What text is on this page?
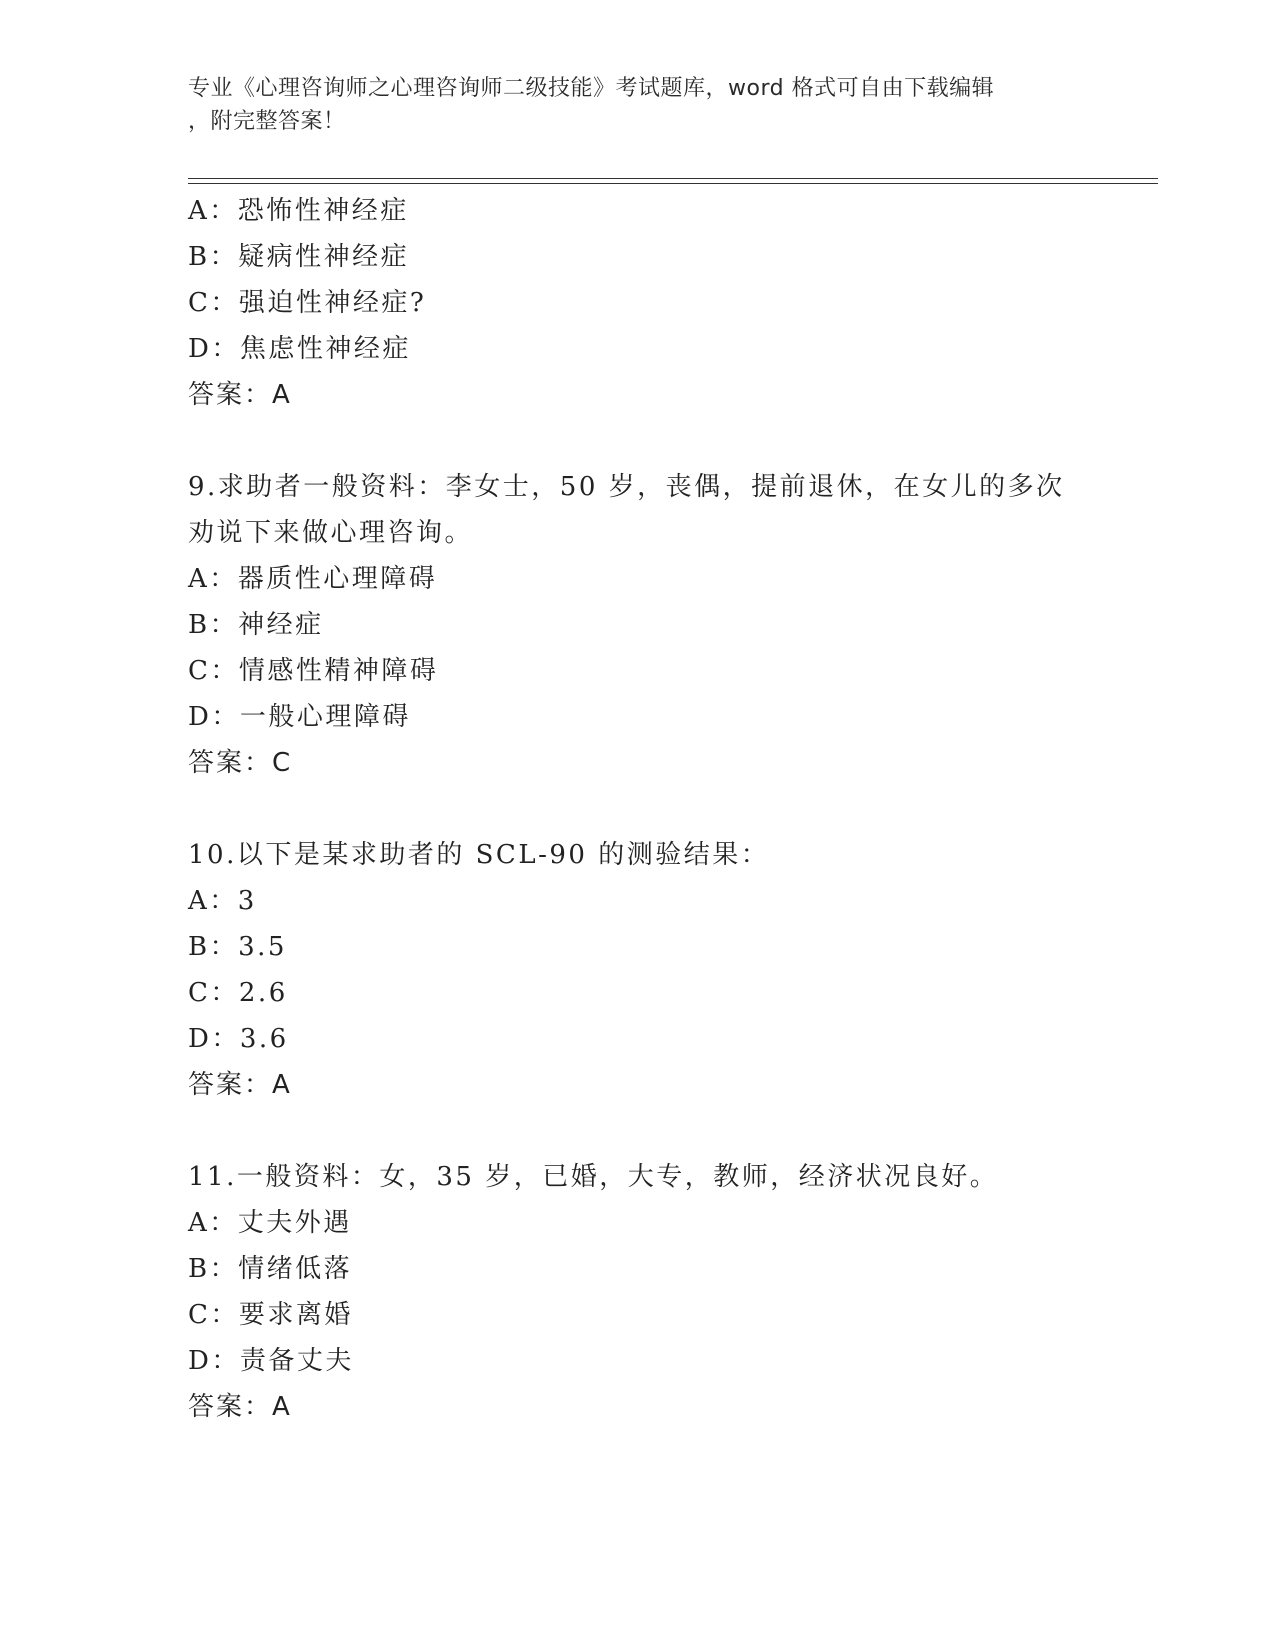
专业《心理咨询师之心理咨询师二级技能》考试题库，word 格式可自由下载编辑
，附完整答案！
A：恐怖性神经症
B：疑病性神经症
C：强迫性神经症?
D：焦虑性神经症
答案：A
9.求助者一般资料：李女士，50 岁，丧偶，提前退休，在女儿的多次
劝说下来做心理咨询。
A：器质性心理障碍
B：神经症
C：情感性精神障碍
D：一般心理障碍
答案：C
10.以下是某求助者的 SCL-90 的测验结果：
A：3
B：3.5
C：2.6
D：3.6
答案：A
11.一般资料：女，35 岁，已婚，大专，教师，经济状况良好。
A：丈夫外遇
B：情绪低落
C：要求离婚
D：责备丈夫
答案：A
